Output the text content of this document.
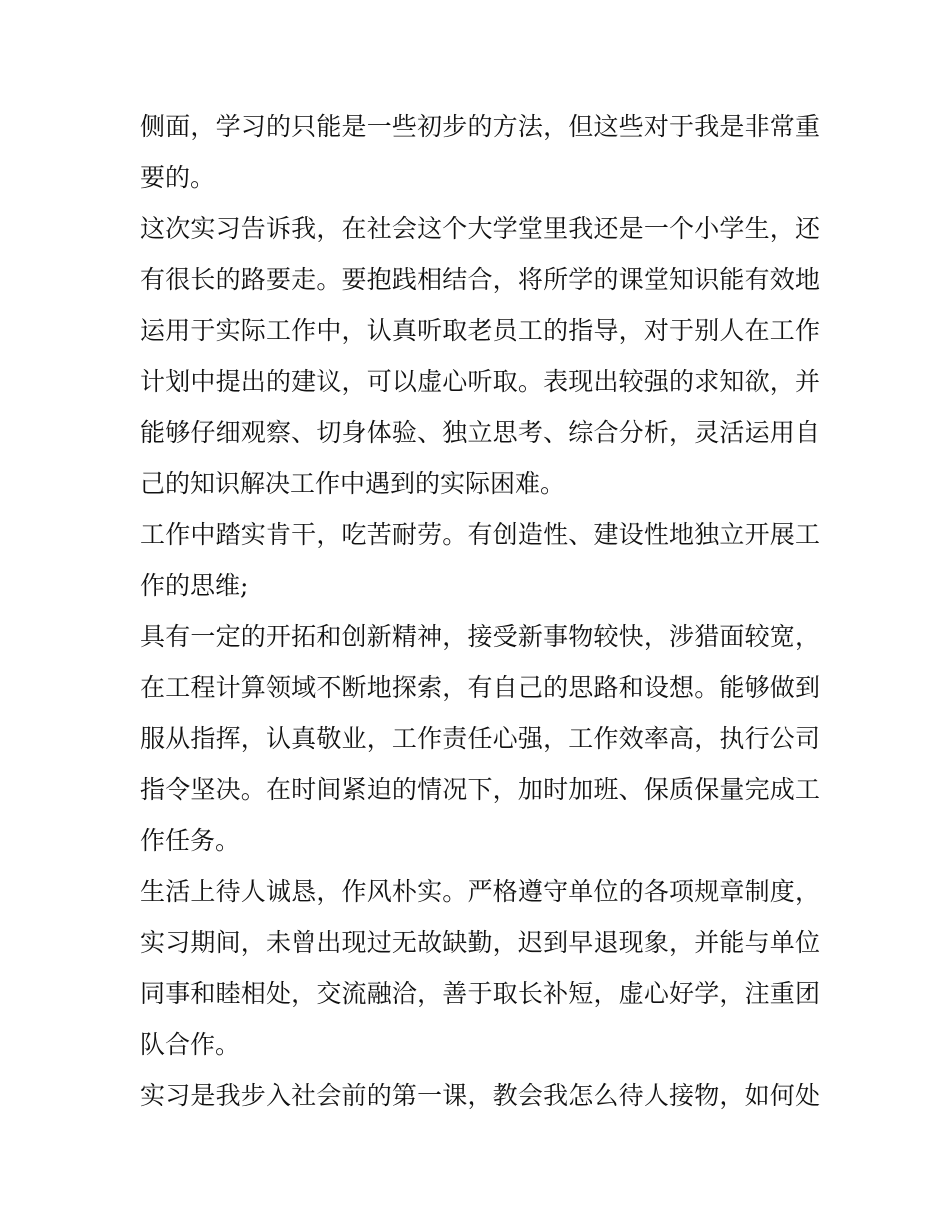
侧面，学习的只能是一些初步的方法，但这些对于我是非常重
要的。
这次实习告诉我，在社会这个大学堂里我还是一个小学生，还
有很长的路要走。要抱践相结合，将所学的课堂知识能有效地
运用于实际工作中，认真听取老员工的指导，对于别人在工作
计划中提出的建议，可以虚心听取。表现出较强的求知欲，并
能够仔细观察、切身体验、独立思考、综合分析，灵活运用自
己的知识解决工作中遇到的实际困难。
工作中踏实肯干，吃苦耐劳。有创造性、建设性地独立开展工
作的思维;
具有一定的开拓和创新精神，接受新事物较快，涉猎面较宽，
在工程计算领域不断地探索，有自己的思路和设想。能够做到
服从指挥，认真敬业，工作责任心强，工作效率高，执行公司
指令坚决。在时间紧迫的情况下，加时加班、保质保量完成工
作任务。
生活上待人诚恳，作风朴实。严格遵守单位的各项规章制度，
实习期间，未曾出现过无故缺勤，迟到早退现象，并能与单位
同事和睦相处，交流融洽，善于取长补短，虚心好学，注重团
队合作。
实习是我步入社会前的第一课，教会我怎么待人接物，如何处
